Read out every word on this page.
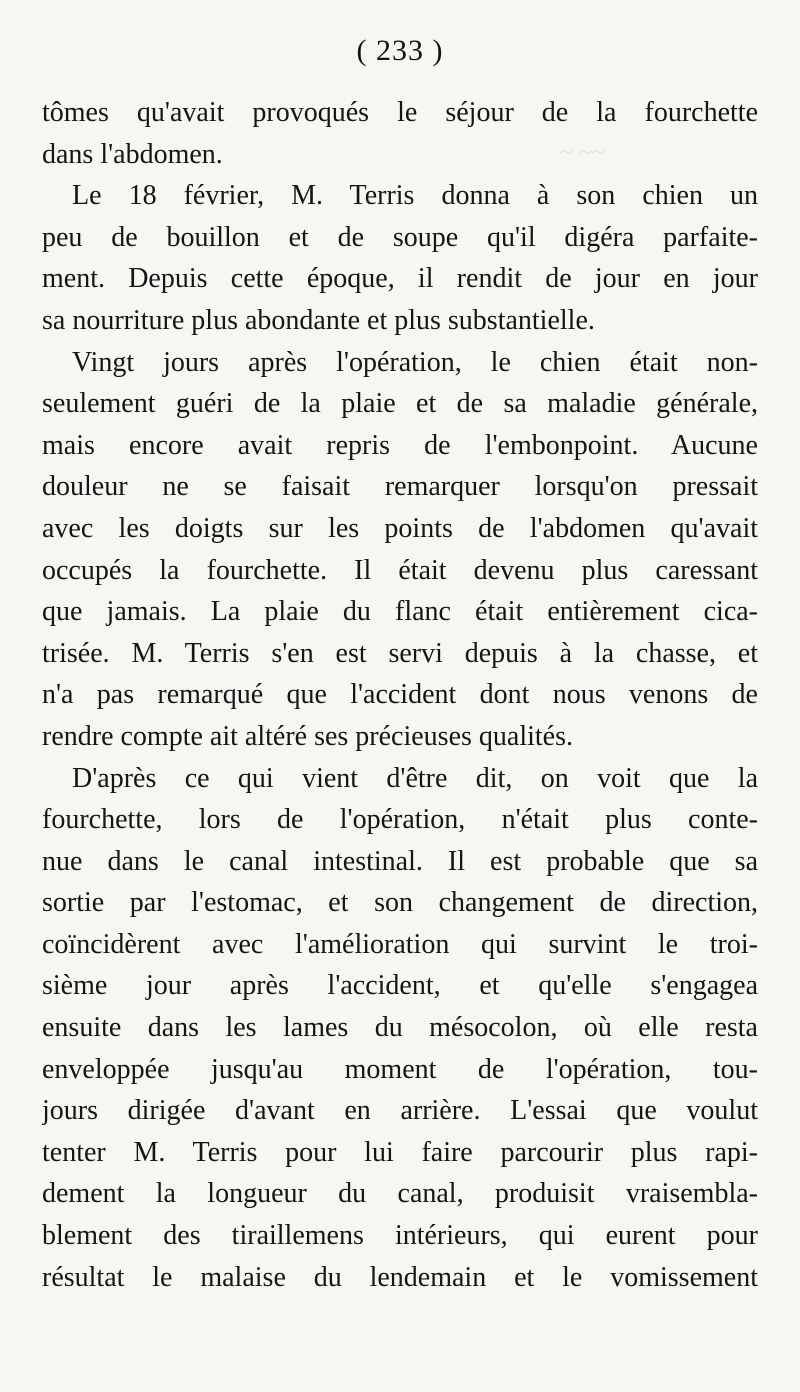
( 233 )
~ ~~
tômes qu'avait provoqués le séjour de la fourchette
dans l'abdomen.
Le 18 février, M. Terris donna à son chien un
peu de bouillon et de soupe qu'il digéra parfaite-
ment. Depuis cette époque, il rendit de jour en jour
sa nourriture plus abondante et plus substantielle.
Vingt jours après l'opération, le chien était non-
seulement guéri de la plaie et de sa maladie générale,
mais encore avait repris de l'embonpoint. Aucune
douleur ne se faisait remarquer lorsqu'on pressait
avec les doigts sur les points de l'abdomen qu'avait
occupés la fourchette. Il était devenu plus caressant
que jamais. La plaie du flanc était entièrement cica-
trisée. M. Terris s'en est servi depuis à la chasse, et
n'a pas remarqué que l'accident dont nous venons de
rendre compte ait altéré ses précieuses qualités.
D'après ce qui vient d'être dit, on voit que la
fourchette, lors de l'opération, n'était plus conte-
nue dans le canal intestinal. Il est probable que sa
sortie par l'estomac, et son changement de direction,
coïncidèrent avec l'amélioration qui survint le troi-
sième jour après l'accident, et qu'elle s'engagea
ensuite dans les lames du mésocolon, où elle resta
enveloppée jusqu'au moment de l'opération, tou-
jours dirigée d'avant en arrière. L'essai que voulut
tenter M. Terris pour lui faire parcourir plus rapi-
dement la longueur du canal, produisit vraisembla-
blement des tiraillemens intérieurs, qui eurent pour
résultat le malaise du lendemain et le vomissement
